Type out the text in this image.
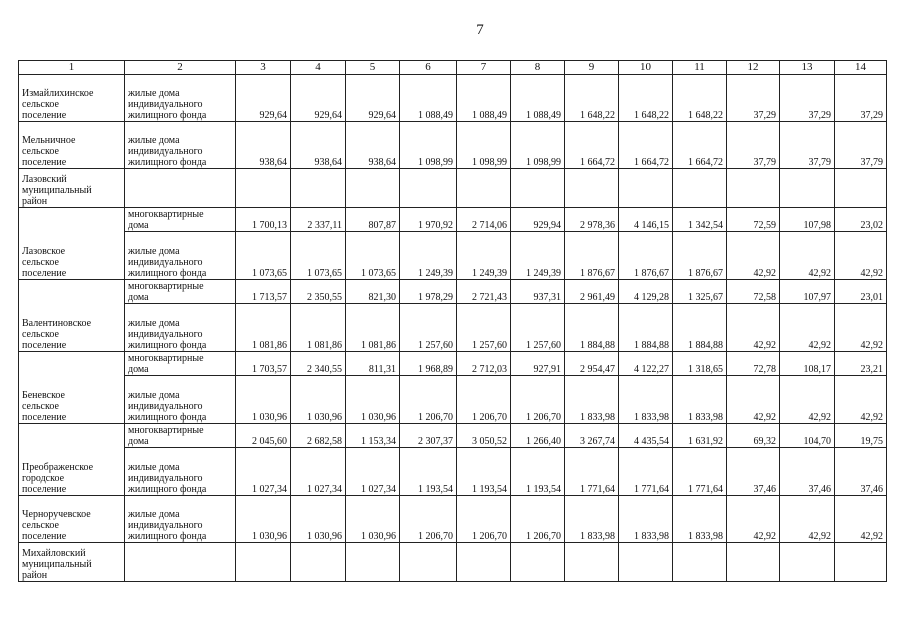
7
1	2	3	4	5	6	7	8	9	10	11	12	13	14
Измайлихинское
сельское
поселение	жилые дома
индивидуального
жилищного фонда	929,64	929,64	929,64	1 088,49	1 088,49	1 088,49	1 648,22	1 648,22	1 648,22	37,29	37,29	37,29
Мельничное
сельское
поселение	жилые дома
индивидуального
жилищного фонда	938,64	938,64	938,64	1 098,99	1 098,99	1 098,99	1 664,72	1 664,72	1 664,72	37,79	37,79	37,79
Лазовский
муниципальный
район													
Лазовское
сельское
поселение	многоквартирные
дома	1 700,13	2 337,11	807,87	1 970,92	2 714,06	929,94	2 978,36	4 146,15	1 342,54	72,59	107,98	23,02
	жилые дома
индивидуального
жилищного фонда	1 073,65	1 073,65	1 073,65	1 249,39	1 249,39	1 249,39	1 876,67	1 876,67	1 876,67	42,92	42,92	42,92
Валентиновское
сельское
поселение	многоквартирные
дома	1 713,57	2 350,55	821,30	1 978,29	2 721,43	937,31	2 961,49	4 129,28	1 325,67	72,58	107,97	23,01
	жилые дома
индивидуального
жилищного фонда	1 081,86	1 081,86	1 081,86	1 257,60	1 257,60	1 257,60	1 884,88	1 884,88	1 884,88	42,92	42,92	42,92
Беневское
сельское
поселение	многоквартирные
дома	1 703,57	2 340,55	811,31	1 968,89	2 712,03	927,91	2 954,47	4 122,27	1 318,65	72,78	108,17	23,21
	жилые дома
индивидуального
жилищного фонда	1 030,96	1 030,96	1 030,96	1 206,70	1 206,70	1 206,70	1 833,98	1 833,98	1 833,98	42,92	42,92	42,92
Преображенское
городское
поселение	многоквартирные
дома	2 045,60	2 682,58	1 153,34	2 307,37	3 050,52	1 266,40	3 267,74	4 435,54	1 631,92	69,32	104,70	19,75
	жилые дома
индивидуального
жилищного фонда	1 027,34	1 027,34	1 027,34	1 193,54	1 193,54	1 193,54	1 771,64	1 771,64	1 771,64	37,46	37,46	37,46
Черноручевское
сельское
поселение	жилые дома
индивидуального
жилищного фонда	1 030,96	1 030,96	1 030,96	1 206,70	1 206,70	1 206,70	1 833,98	1 833,98	1 833,98	42,92	42,92	42,92
Михайловский
муниципальный
район													
